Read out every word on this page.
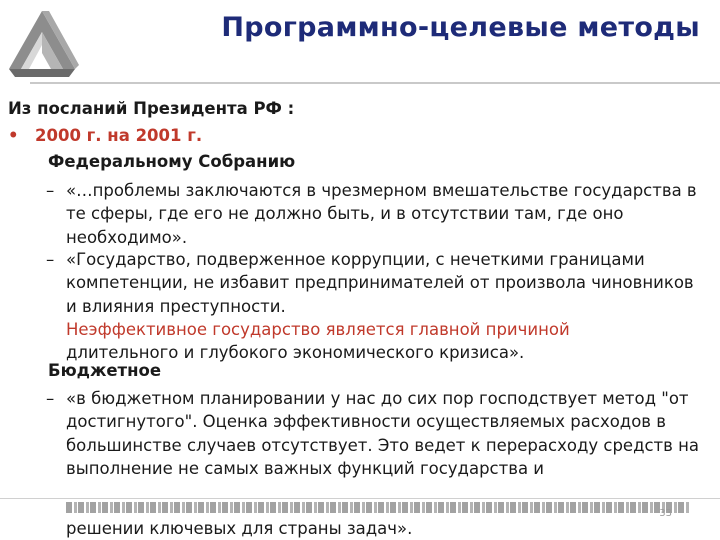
Программно-целевые методы
Из посланий Президента РФ :
• 2000 г. на 2001 г.
Федеральному Собранию
– «…проблемы заключаются в чрезмерном вмешательстве государства в те сферы, где его не должно быть, и в отсутствии там, где оно необходимо».
– «Государство, подверженное коррупции, с нечеткими границами компетенции, не избавит предпринимателей от произвола чиновников и влияния преступности.
Неэффективное государство является главной причиной
длительного и глубокого экономического кризиса».
Бюджетное
– «в бюджетном планировании у нас до сих пор господствует метод "от достигнутого". Оценка эффективности осуществляемых расходов в большинстве случаев отсутствует. Это ведет к перерасходу средств на выполнение не самых важных функций государства и
решении ключевых для страны задач».
33
